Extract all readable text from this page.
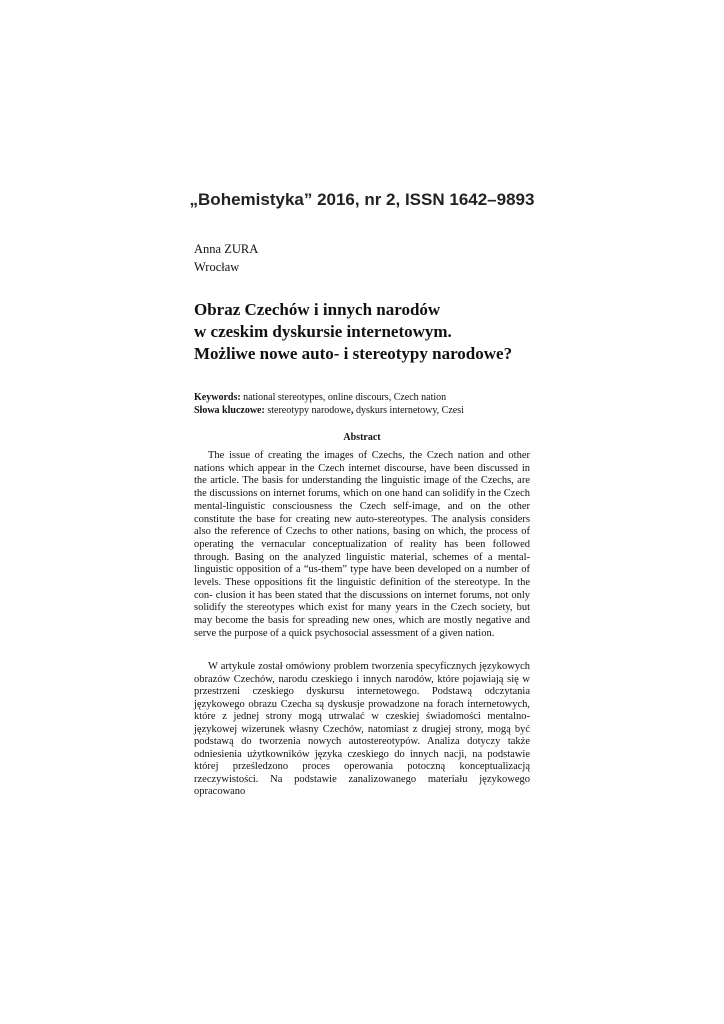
„Bohemistyka” 2016, nr 2, ISSN 1642–9893
Anna ZURA
Wrocław
Obraz Czechów i innych narodów
w czeskim dyskursie internetowym.
Możliwe nowe auto- i stereotypy narodowe?
Keywords: national stereotypes, online discours, Czech nation
Słowa kluczowe: stereotypy narodowe, dyskurs internetowy, Czesi
Abstract
The issue of creating the images of Czechs, the Czech nation and other nations which appear in the Czech internet discourse, have been discussed in the article. The basis for understanding the linguistic image of the Czechs, are the discussions on internet forums, which on one hand can solidify in the Czech mental-linguistic consciousness the Czech self-image, and on the other constitute the base for creating new auto-stereotypes. The analysis considers also the reference of Czechs to other nations, basing on which, the process of operating the vernacular conceptualization of reality has been followed through. Basing on the analyzed linguistic material, schemes of a mental-linguistic opposition of a “us-them” type have been developed on a number of levels. These oppositions fit the linguistic definition of the stereotype. In the con- clusion it has been stated that the discussions on internet forums, not only solidify the stereotypes which exist for many years in the Czech society, but may become the basis for spreading new ones, which are mostly negative and serve the purpose of a quick psychosocial assessment of a given nation.
W artykule został omówiony problem tworzenia specyficznych językowych obrazów Czechów, narodu czeskiego i innych narodów, które pojawiają się w przestrzeni czeskiego dyskursu internetowego. Podstawą odczytania językowego obrazu Czecha są dyskusje prowadzone na forach internetowych, które z jednej strony mogą utrwalać w czeskiej świadomości mentalno-językowej wizerunek własny Czechów, natomiast z drugiej strony, mogą być podstawą do tworzenia nowych autostereotypów. Analiza dotyczy także odniesienia użytkowników języka czeskiego do innych nacji, na podstawie której prześledzono proces operowania potoczną konceptualizacją rzeczywistości. Na podstawie zanalizowanego materiału językowego opracowano
